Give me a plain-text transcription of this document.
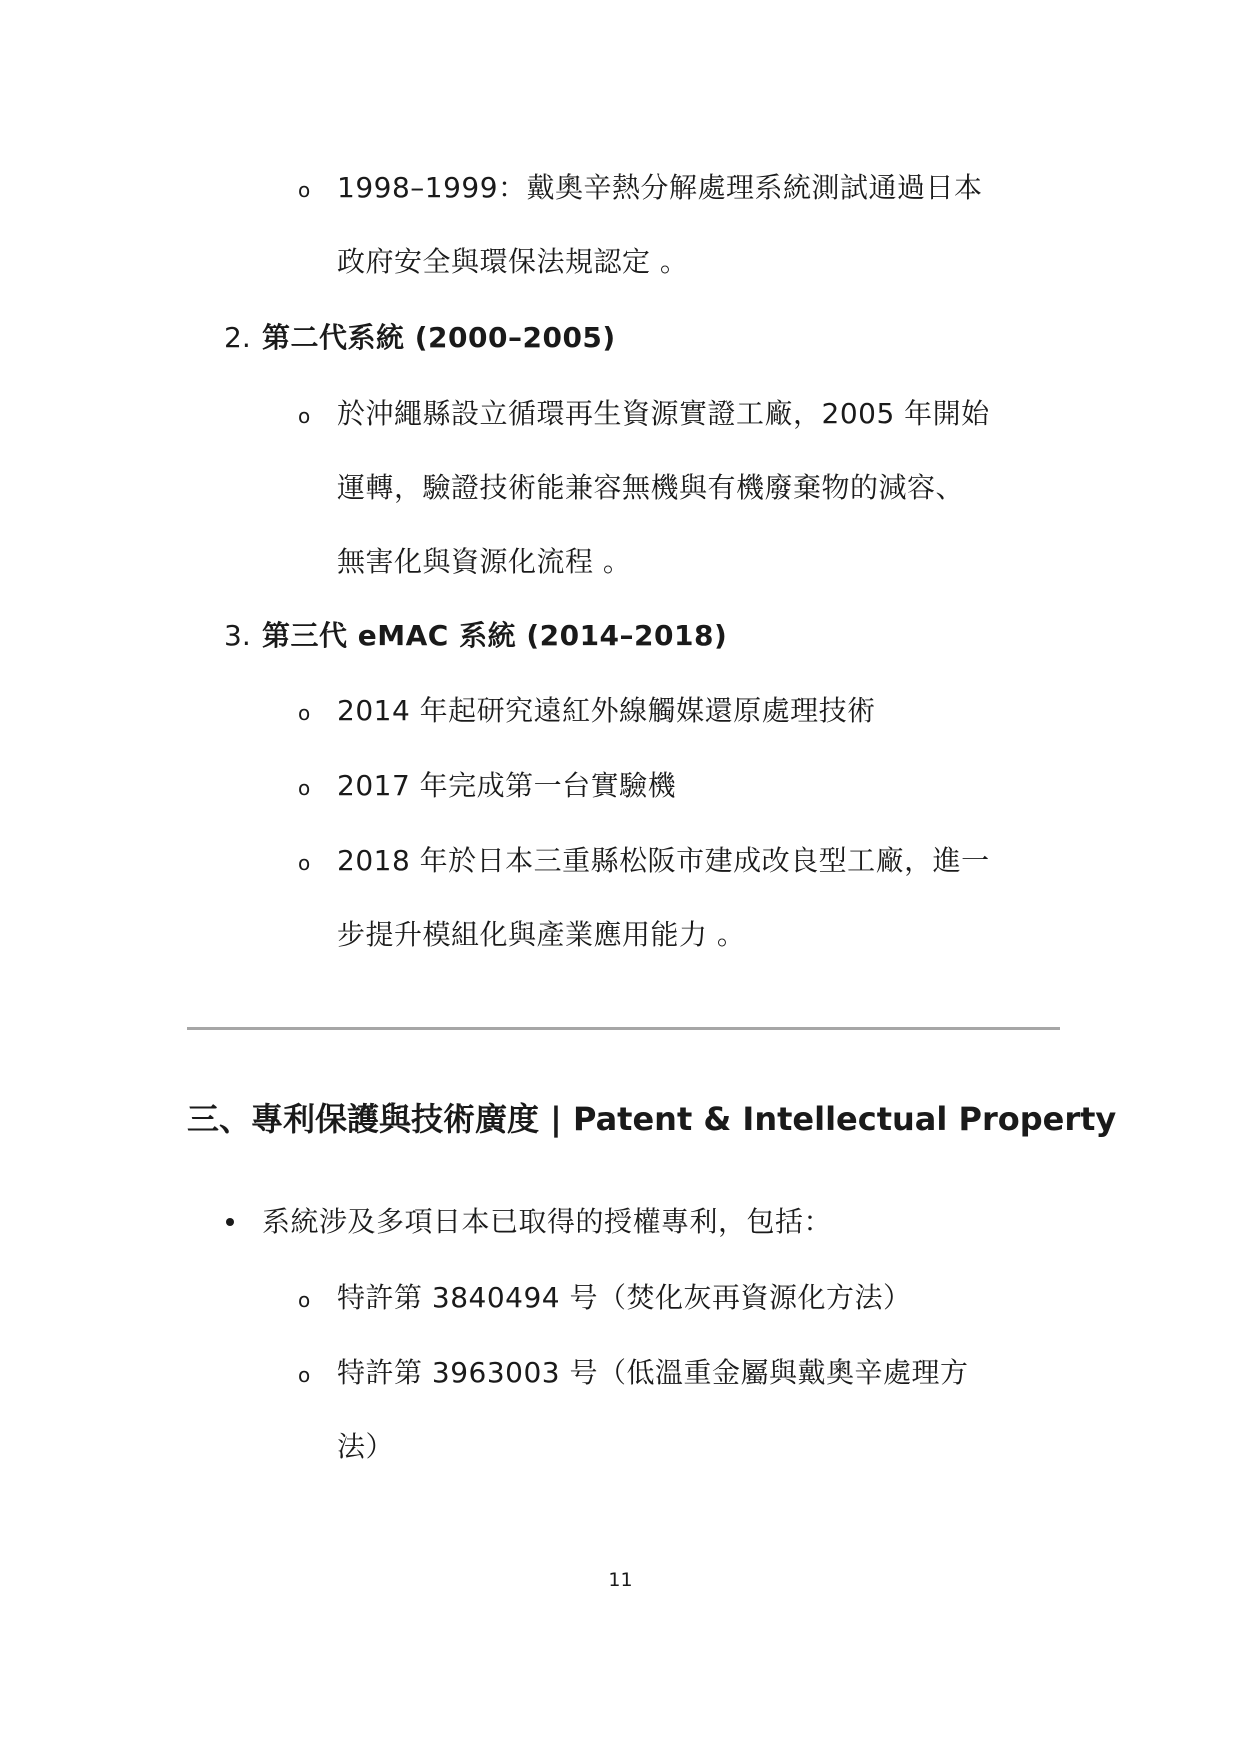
o 1998–1999：戴奧辛熱分解處理系統測試通過日本
政府安全與環保法規認定 。
2. 第二代系統 (2000–2005)
o 於沖繩縣設立循環再生資源實證工廠，2005 年開始
運轉，驗證技術能兼容無機與有機廢棄物的減容、
無害化與資源化流程 。
3. 第三代 eMAC 系統 (2014–2018)
o 2014 年起研究遠紅外線觸媒還原處理技術
o 2017 年完成第一台實驗機
o 2018 年於日本三重縣松阪市建成改良型工廠，進一
步提升模組化與產業應用能力 。
三、專利保護與技術廣度 | Patent & Intellectual Property
系統涉及多項日本已取得的授權專利，包括：
o 特許第 3840494 号（焚化灰再資源化方法）
o 特許第 3963003 号（低溫重金屬與戴奧辛處理方
法）
11
